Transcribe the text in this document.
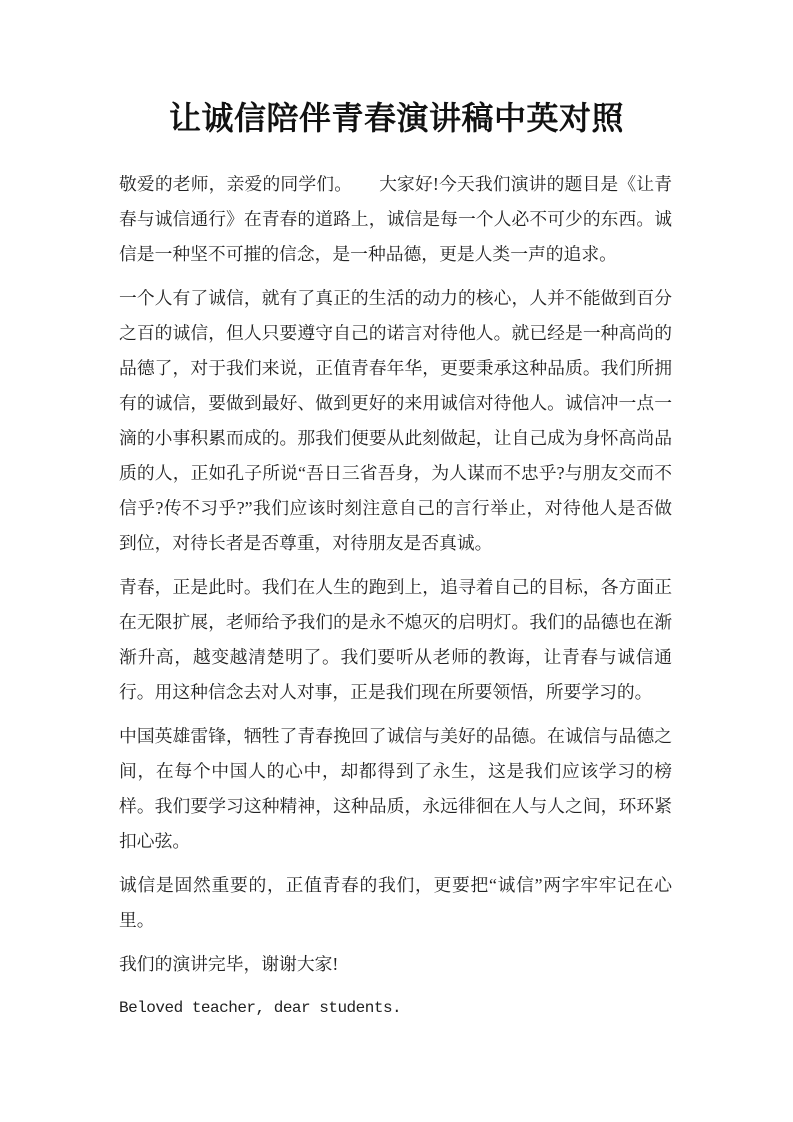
让诚信陪伴青春演讲稿中英对照

敬爱的老师，亲爱的同学们。　　大家好!今天我们演讲的题目是《让青春与诚信通行》在青春的道路上，诚信是每一个人必不可少的东西。诚信是一种坚不可摧的信念，是一种品德，更是人类一声的追求。

一个人有了诚信，就有了真正的生活的动力的核心，人并不能做到百分之百的诚信，但人只要遵守自己的诺言对待他人。就已经是一种高尚的品德了，对于我们来说，正值青春年华，更要秉承这种品质。我们所拥有的诚信，要做到最好、做到更好的来用诚信对待他人。诚信冲一点一滴的小事积累而成的。那我们便要从此刻做起，让自己成为身怀高尚品质的人，正如孔子所说“吾日三省吾身，为人谋而不忠乎?与朋友交而不信乎?传不习乎?”我们应该时刻注意自己的言行举止，对待他人是否做到位，对待长者是否尊重，对待朋友是否真诚。

青春，正是此时。我们在人生的跑到上，追寻着自己的目标，各方面正在无限扩展，老师给予我们的是永不熄灭的启明灯。我们的品德也在渐渐升高，越变越清楚明了。我们要听从老师的教诲，让青春与诚信通行。用这种信念去对人对事，正是我们现在所要领悟，所要学习的。

中国英雄雷锋，牺牲了青春挽回了诚信与美好的品德。在诚信与品德之间，在每个中国人的心中，却都得到了永生，这是我们应该学习的榜样。我们要学习这种精神，这种品质，永远徘徊在人与人之间，环环紧扣心弦。

诚信是固然重要的，正值青春的我们，更要把“诚信”两字牢牢记在心里。

我们的演讲完毕，谢谢大家!

Beloved teacher, dear students.
